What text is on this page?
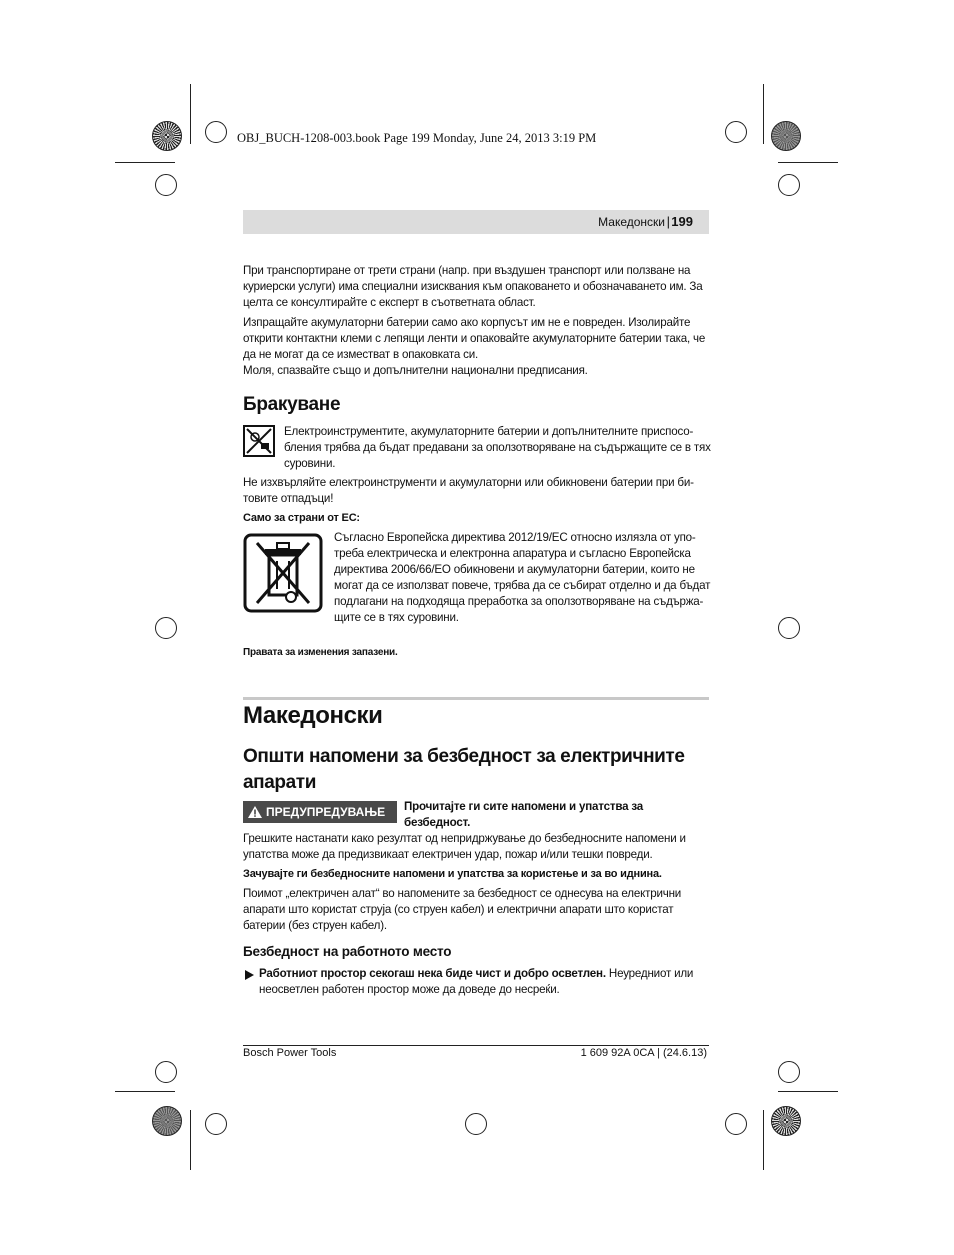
OBJ_BUCH-1208-003.book Page 199 Monday, June 24, 2013 3:19 PM
Македонски | 199

При транспортиране от трети страни (напр. при въздушен транспорт или ползване на куриерски услуги) има специални изисквания към опаковането и обозначаването им. За целта се консултирайте с експерт в съответната област.

Изпращайте акумулаторни батерии само ако корпусът им не е повреден. Изолирайте открити контактни клеми с лепящи ленти и опаковайте акумулаторните батерии така, че да не могат да се изместват в опаковката си.

Моля, спазвайте също и допълнителни национални предписания.

Бракуване

Електроинструментите, акумулаторните батерии и допълнителните приспосо-бления трябва да бъдат предавани за оползотворяване на съдържащите се в тях суровини.

Не изхвърляйте електроинструменти и акумулаторни или обикновени батерии при би-товите отпадъци!

Само за страни от ЕС:

Съгласно Европейска директива 2012/19/ЕС относно излязла от упо-треба електрическа и електронна апаратура и съгласно Европейска директива 2006/66/ЕО обикновени и акумулаторни батерии, които не могат да се използват повече, трябва да се събират отделно и да бъдат подлагани на подходяща преработка за оползотворяване на съдържа-щите се в тях суровини.

Правата за изменения запазени.

Македонски
Општи напомени за безбедност за електричните апарати
ПРЕДУПРЕДУВАЊЕ Прочитајте ги сите напомени и упатства за безбедност.

Грешките настанати како резултат од непридржување до безбедносните напомени и упатства може да предизвикаат електричен удар, пожар и/или тешки повреди.

Зачувајте ги безбедносните напомени и упатства за користење и за во иднина.

Поимот „електричен алат“ во напомените за безбедност се однесува на електрични апарати што користат струја (со струен кабел) и електрични апарати што користат батерии (без струен кабел).

Безбедност на работното место

Работниот простор секогаш нека биде чист и добро осветлен. Неуредниот или неосветлен работен простор може да доведе до несреќи.

Bosch Power Tools	1 609 92A 0CA | (24.6.13)
